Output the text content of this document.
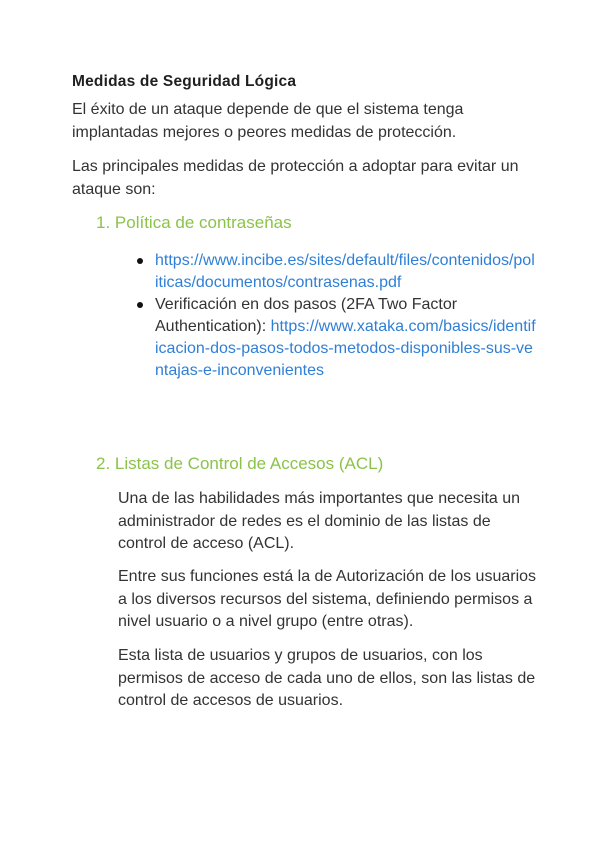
Medidas de Seguridad Lógica
El éxito de un ataque depende de que el sistema tenga implantadas mejores o peores medidas de protección.
Las principales medidas de protección a adoptar para evitar un ataque son:
1. Política de contraseñas
https://www.incibe.es/sites/default/files/contenidos/politicas/documentos/contrasenas.pdf
Verificación en dos pasos (2FA Two Factor Authentication): https://www.xataka.com/basics/identificacion-dos-pasos-todos-metodos-disponibles-sus-ventajas-e-inconvenientes
2. Listas de Control de Accesos (ACL)
Una de las habilidades más importantes que necesita un administrador de redes es el dominio de las listas de control de acceso (ACL).
Entre sus funciones está la de Autorización de los usuarios a los diversos recursos del sistema, definiendo permisos a nivel usuario o a nivel grupo (entre otras).
Esta lista de usuarios y grupos de usuarios, con los permisos de acceso de cada uno de ellos, son las listas de control de accesos de usuarios.
